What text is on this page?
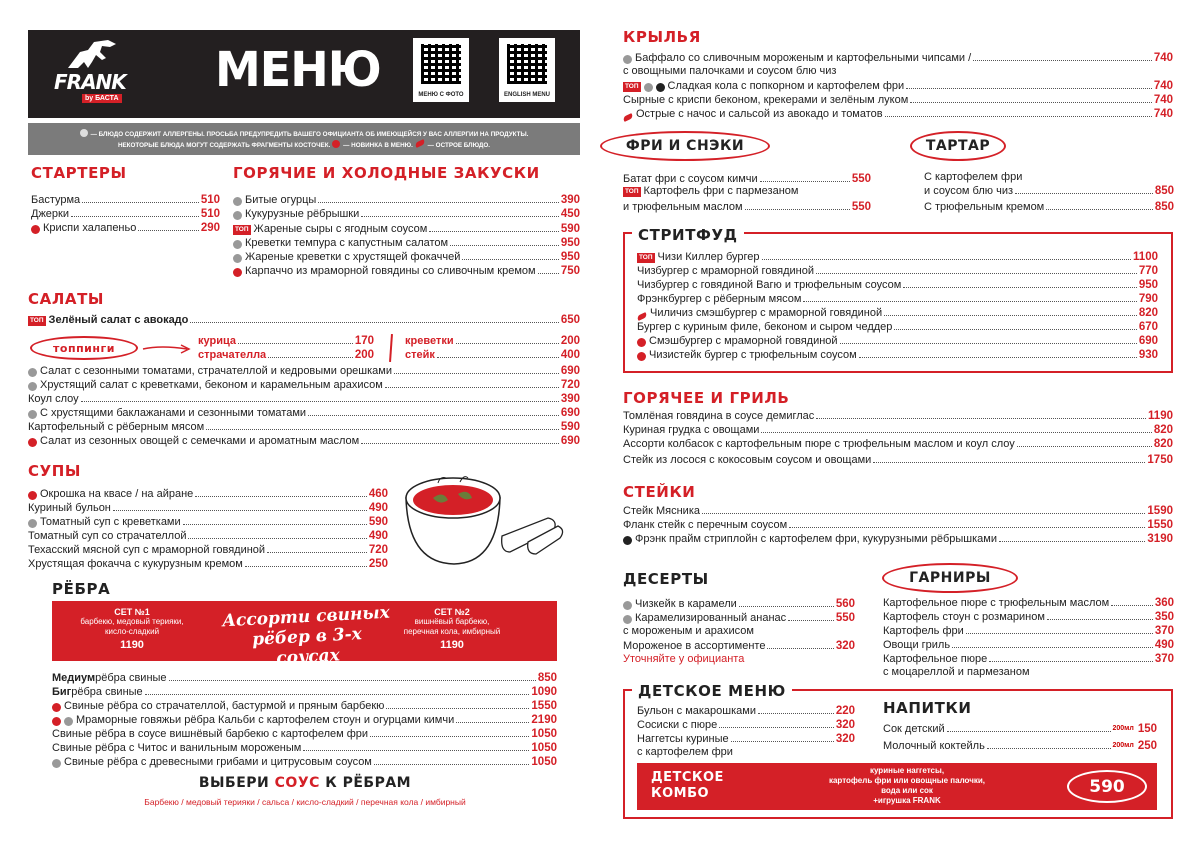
FRANK
by БАСТА
МЕНЮ	МЕНЮ С ФОТО	ENGLISH MENU
— БЛЮДО СОДЕРЖИТ АЛЛЕРГЕНЫ. ПРОСЬБА ПРЕДУПРЕДИТЬ ВАШЕГО ОФИЦИАНТА ОБ ИМЕЮЩЕЙСЯ У ВАС АЛЛЕРГИИ НА ПРОДУКТЫ.
НЕКОТОРЫЕ БЛЮДА МОГУТ СОДЕРЖАТЬ ФРАГМЕНТЫ КОСТОЧЕК. — НОВИНКА В МЕНЮ. — ОСТРОЕ БЛЮДО.
СТАРТЕРЫ
Бастурма	510
Джерки	510
Криспи халапеньо	290
ГОРЯЧИЕ И ХОЛОДНЫЕ ЗАКУСКИ
Битые огурцы	390
Кукурузные рёбрышки	450
ТОП Жареные сыры с ягодным соусом	590
Креветки темпура с капустным салатом	950
Жареные креветки с хрустящей фокаччей	950
Карпаччо из мраморной говядины со сливочным кремом 750
САЛАТЫ
ТОП Зелёный салат с авокадо	650
топпинги
курица	170
страчателла	200
креветки	200
стейк	400
Салат с сезонными томатами, страчателлой и кедровыми орешками	690
Хрустящий салат с креветками, беконом и карамельным арахисом	720
Коул слоу	390
С хрустящими баклажанами и сезонными томатами	690
Картофельный с рёберным мясом	590
Салат из сезонных овощей с семечками и ароматным маслом	690
СУПЫ
Окрошка на квасе / на айране	460
Куриный бульон	490
Томатный суп с креветками	590
Томатный суп со страчателлой	490
Техасский мясной суп с мраморной говядиной	720
Хрустящая фокачча с кукурузным кремом	250
РЁБРА
СЕТ №1
барбекю, медовый терияки,
кисло-сладкий
1190
Ассорти свиных
рёбер в 3-х соусах
СЕТ №2
вишнёвый барбекю,
перечная кола, имбирный
1190
Медиум рёбра свиные	850
Биг рёбра свиные	1090
Свиные рёбра со страчателлой, бастурмой и пряным барбекю	1550
Мраморные говяжьи рёбра Кальби с картофелем стоун и огурцами кимчи	2190
Свиные рёбра в соусе вишнёвый барбекю с картофелем фри	1050
Свиные рёбра с Читос и ванильным мороженым	1050
Свиные рёбра с древесными грибами и цитрусовым соусом	1050
ВЫБЕРИ СОУС К РЁБРАМ
Барбекю / медовый терияки / сальса / кисло-сладкий / перечная кола / имбирный
КРЫЛЬЯ
Баффало со сливочным мороженым и картофельными чипсами /	740
с овощными палочками и соусом блю чиз
ТОП	Сладкая кола с попкорном и картофелем фри	740
Сырные с криспи беконом, крекерами и зелёным луком	740
Острые с начос и сальсой из авокадо и томатов	740
ФРИ И СНЭКИ
Батат фри с соусом кимчи	550
ТОП Картофель фри с пармезаном
и трюфельным маслом	550
ТАРТАР
С картофелем фри
и соусом блю чиз	850
С трюфельным кремом	850
СТРИТФУД
ТОП Чизи Киллер бургер	1100
Чизбургер с мраморной говядиной	770
Чизбургер с говядиной Вагю и трюфельным соусом	950
Фрэнкбургер с рёберным мясом	790
Чиличиз смэшбургер с мраморной говядиной	820
Бургер с куриным филе, беконом и сыром чеддер	670
Смэшбургер с мраморной говядиной	690
Чизистейк бургер с трюфельным соусом	930
ГОРЯЧЕЕ И ГРИЛЬ
Томлёная говядина в соусе демиглас	1190
Куриная грудка с овощами	820
Ассорти колбасок с картофельным пюре с трюфельным маслом и коул слоу	820
Стейк из лосося с кокосовым соусом и овощами	1750
СТЕЙКИ
Стейк Мясника	1590
Фланк стейк с перечным соусом	1550
Фрэнк прайм стриплойн с картофелем фри, кукурузными рёбрышками	3190
ДЕСЕРТЫ
Чизкейк в карамели	560
Карамелизированный ананас	550
с мороженым и арахисом
Мороженое в ассортименте	320
Уточняйте у официанта
ГАРНИРЫ
Картофельное пюре с трюфельным маслом	360
Картофель стоун с розмарином	350
Картофель фри	370
Овощи гриль	490
Картофельное пюре	370
с моцареллой и пармезаном
ДЕТСКОЕ МЕНЮ
Бульон с макарошками	220
Сосиски с пюре	320
Наггетсы куриные	320
с картофелем фри
НАПИТКИ
Сок детский	200мл 150
Молочный коктейль	200мл 250
ДЕТСКОЕ
КОМБО
куриные наггетсы,
картофель фри или овощные палочки,
вода или сок
+игрушка FRANK
590
